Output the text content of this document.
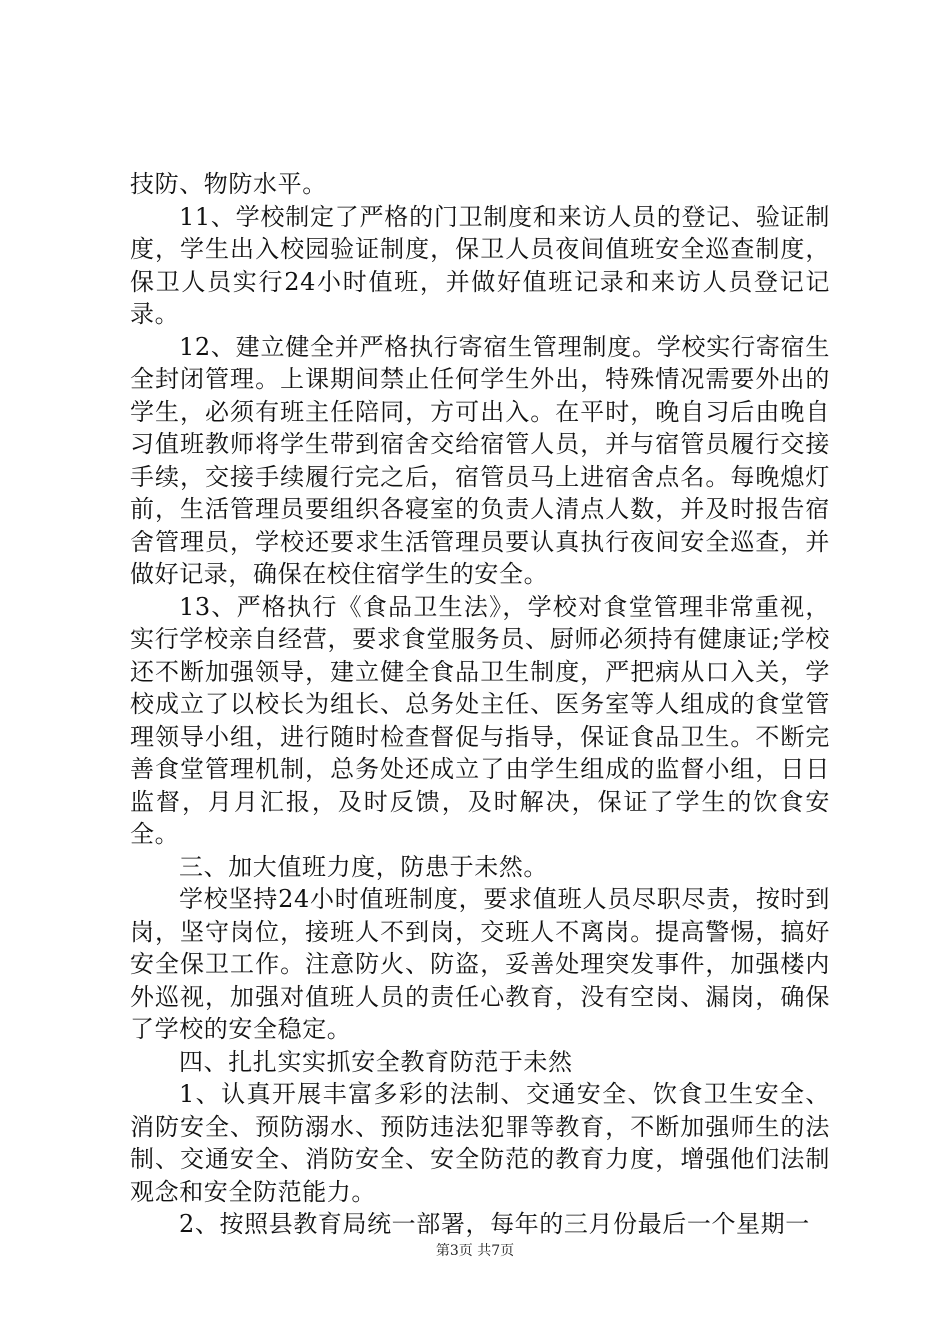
技防、物防水平。

11、学校制定了严格的门卫制度和来访人员的登记、验证制度，学生出入校园验证制度，保卫人员夜间值班安全巡查制度，保卫人员实行24小时值班，并做好值班记录和来访人员登记记录。

12、建立健全并严格执行寄宿生管理制度。学校实行寄宿生全封闭管理。上课期间禁止任何学生外出，特殊情况需要外出的学生，必须有班主任陪同，方可出入。在平时，晚自习后由晚自习值班教师将学生带到宿舍交给宿管人员，并与宿管员履行交接手续，交接手续履行完之后，宿管员马上进宿舍点名。每晚熄灯前，生活管理员要组织各寝室的负责人清点人数，并及时报告宿舍管理员，学校还要求生活管理员要认真执行夜间安全巡查，并做好记录，确保在校住宿学生的安全。

13、严格执行《食品卫生法》，学校对食堂管理非常重视，实行学校亲自经营，要求食堂服务员、厨师必须持有健康证;学校还不断加强领导，建立健全食品卫生制度，严把病从口入关，学校成立了以校长为组长、总务处主任、医务室等人组成的食堂管理领导小组，进行随时检查督促与指导，保证食品卫生。不断完善食堂管理机制，总务处还成立了由学生组成的监督小组，日日监督，月月汇报，及时反馈，及时解决，保证了学生的饮食安全。

三、加大值班力度，防患于未然。

学校坚持24小时值班制度，要求值班人员尽职尽责，按时到岗，坚守岗位，接班人不到岗，交班人不离岗。提高警惕，搞好安全保卫工作。注意防火、防盗，妥善处理突发事件，加强楼内外巡视，加强对值班人员的责任心教育，没有空岗、漏岗，确保了学校的安全稳定。

四、扎扎实实抓安全教育防范于未然

1、认真开展丰富多彩的法制、交通安全、饮食卫生安全、消防安全、预防溺水、预防违法犯罪等教育，不断加强师生的法制、交通安全、消防安全、安全防范的教育力度，增强他们法制观念和安全防范能力。

2、按照县教育局统一部署，每年的三月份最后一个星期一

第3页 共7页
